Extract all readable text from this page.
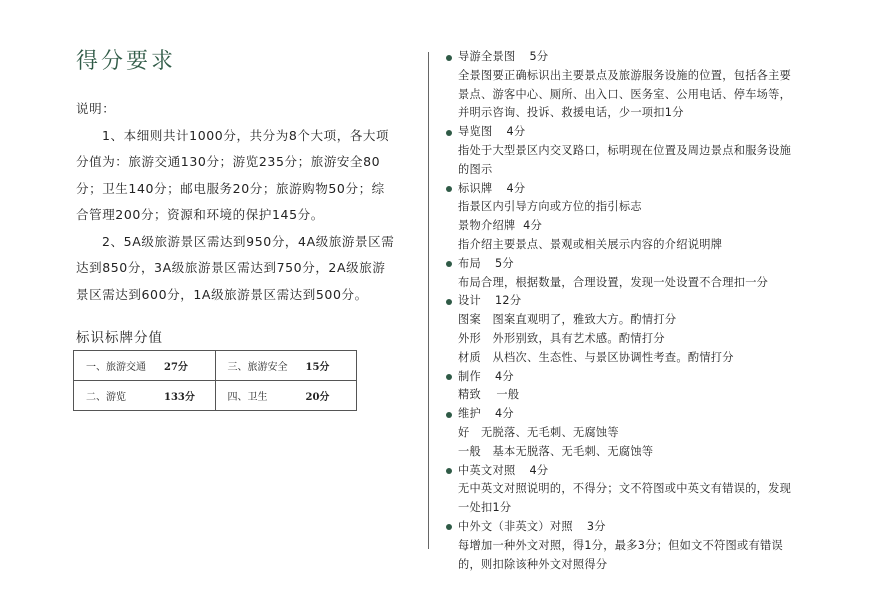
得分要求

说明：

1、本细则共计1000分，共分为8个大项，各大项分值为：旅游交通130分；游览235分；旅游安全80分；卫生140分；邮电服务20分；旅游购物50分；综合管理200分；资源和环境的保护145分。

2、5A级旅游景区需达到950分，4A级旅游景区需达到850分，3A级旅游景区需达到750分，2A级旅游景区需达到600分，1A级旅游景区需达到500分。

标识标牌分值
一、旅游交通 27分	三、旅游安全 15分
二、游览 133分	四、卫生 20分
导游全景图 5分
全景图要正确标识出主要景点及旅游服务设施的位置，包括各主要
景点、游客中心、厕所、出入口、医务室、公用电话、停车场等，
并明示咨询、投诉、救援电话，少一项扣1分
导览图 4分
指处于大型景区内交叉路口，标明现在位置及周边景点和服务设施
的图示
标识牌 4分
指景区内引导方向或方位的指引标志
景物介绍牌  4分
指介绍主要景点、景观或相关展示内容的介绍说明牌
布局 5分
布局合理，根据数量，合理设置，发现一处设置不合理扣一分
设计 12分
图案   图案直观明了，雅致大方。酌情打分
外形   外形别致，具有艺术感。酌情打分
材质   从档次、生态性、与景区协调性考查。酌情打分
制作 4分
精致    一般
维护 4分
好   无脱落、无毛刺、无腐蚀等
一般   基本无脱落、无毛刺、无腐蚀等
中英文对照 4分
无中英文对照说明的，不得分；文不符图或中英文有错误的，发现
一处扣1分
中外文（非英文）对照 3分
每增加一种外文对照，得1分，最多3分；但如文不符图或有错误
的，则扣除该种外文对照得分
